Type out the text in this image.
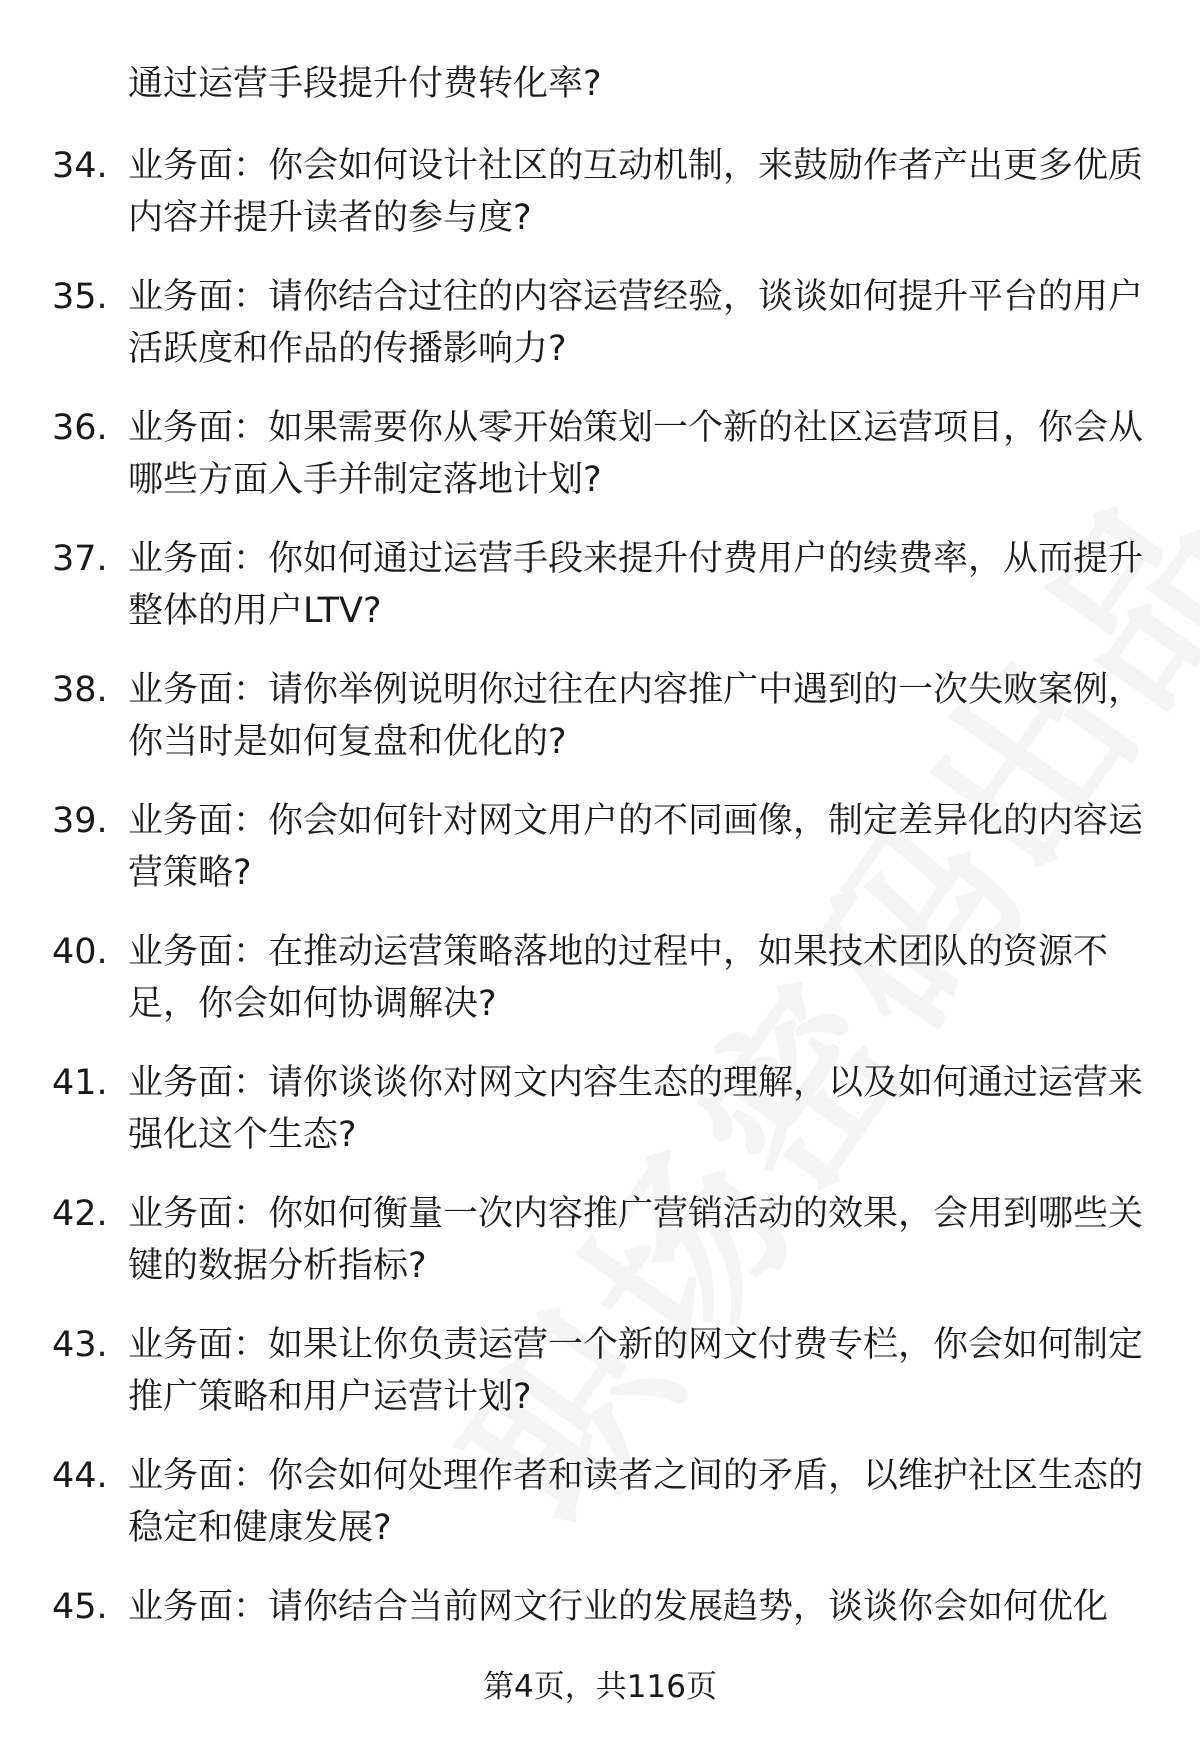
通过运营手段提升付费转化率?
34. 业务面：你会如何设计社区的互动机制，来鼓励作者产出更多优质内容并提升读者的参与度?
35. 业务面：请你结合过往的内容运营经验，谈谈如何提升平台的用户活跃度和作品的传播影响力?
36. 业务面：如果需要你从零开始策划一个新的社区运营项目，你会从哪些方面入手并制定落地计划?
37. 业务面：你如何通过运营手段来提升付费用户的续费率，从而提升整体的用户LTV?
38. 业务面：请你举例说明你过往在内容推广中遇到的一次失败案例，你当时是如何复盘和优化的?
39. 业务面：你会如何针对网文用户的不同画像，制定差异化的内容运营策略?
40. 业务面：在推动运营策略落地的过程中，如果技术团队的资源不足，你会如何协调解决?
41. 业务面：请你谈谈你对网文内容生态的理解，以及如何通过运营来强化这个生态?
42. 业务面：你如何衡量一次内容推广营销活动的效果，会用到哪些关键的数据分析指标?
43. 业务面：如果让你负责运营一个新的网文付费专栏，你会如何制定推广策略和用户运营计划?
44. 业务面：你会如何处理作者和读者之间的矛盾，以维护社区生态的稳定和健康发展?
45. 业务面：请你结合当前网文行业的发展趋势，谈谈你会如何优化
第4页，共116页
